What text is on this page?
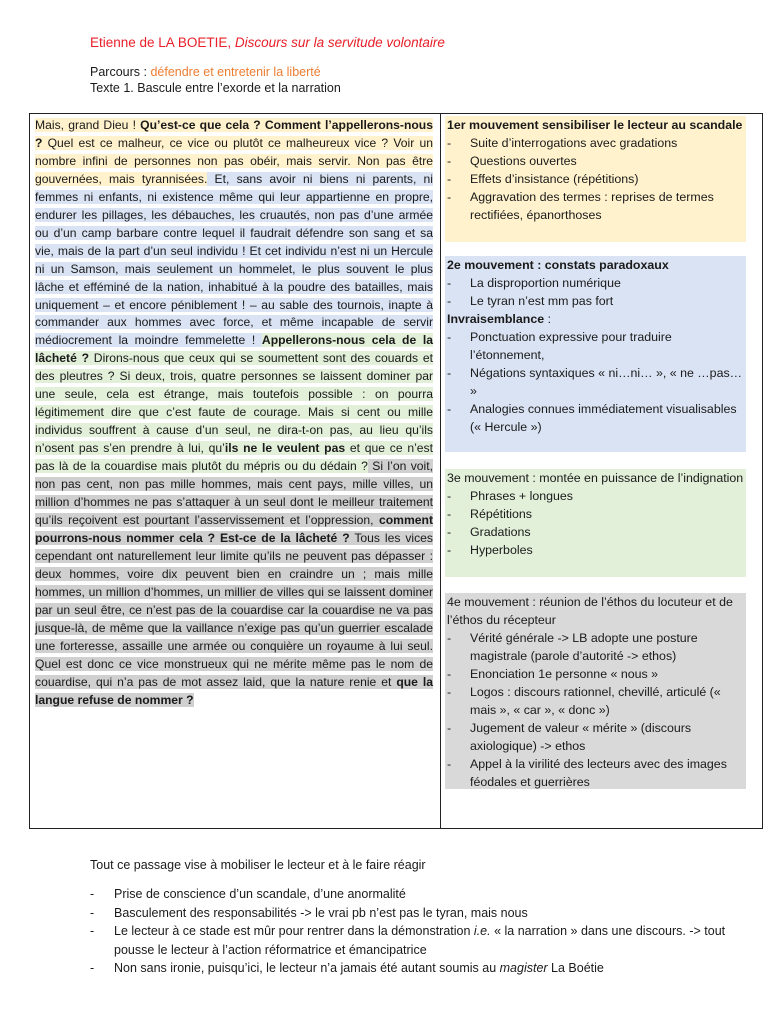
Etienne de LA BOETIE, Discours sur la servitude volontaire
Parcours : défendre et entretenir la liberté
Texte 1. Bascule entre l’exorde et la narration
Mais, grand Dieu ! Qu’est-ce que cela ? Comment l’appellerons-nous ? Quel est ce malheur, ce vice ou plutôt ce malheureux vice ? Voir un nombre infini de personnes non pas obéir, mais servir. Non pas être gouvernées, mais tyrannisées. Et, sans avoir ni biens ni parents, ni femmes ni enfants, ni existence même qui leur appartienne en propre, endurer les pillages, les débauches, les cruautés, non pas d’une armée ou d’un camp barbare contre lequel il faudrait défendre son sang et sa vie, mais de la part d’un seul individu ! Et cet individu n’est ni un Hercule ni un Samson, mais seulement un hommelet, le plus souvent le plus lâche et efféminé de la nation, inhabitué à la poudre des batailles, mais uniquement – et encore péniblement ! – au sable des tournois, inapte à commander aux hommes avec force, et même incapable de servir médiocrement la moindre femmelette ! Appellerons-nous cela de la lâcheté ? Dirons-nous que ceux qui se soumettent sont des couards et des pleutres ? Si deux, trois, quatre personnes se laissent dominer par une seule, cela est étrange, mais toutefois possible : on pourra légitimement dire que c’est faute de courage. Mais si cent ou mille individus souffrent à cause d’un seul, ne dira-t-on pas, au lieu qu’ils n’osent pas s’en prendre à lui, qu’ils ne le veulent pas et que ce n’est pas là de la couardise mais plutôt du mépris ou du dédain ? Si l’on voit, non pas cent, non pas mille hommes, mais cent pays, mille villes, un million d’hommes ne pas s’attaquer à un seul dont le meilleur traitement qu’ils reçoivent est pourtant l’asservissement et l’oppression, comment pourrons-nous nommer cela ? Est-ce de la lâcheté ? Tous les vices cependant ont naturellement leur limite qu’ils ne peuvent pas dépasser : deux hommes, voire dix peuvent bien en craindre un ; mais mille hommes, un million d’hommes, un millier de villes qui se laissent dominer par un seul être, ce n’est pas de la couardise car la couardise ne va pas jusque-là, de même que la vaillance n’exige pas qu’un guerrier escalade une forteresse, assaille une armée ou conquière un royaume à lui seul. Quel est donc ce vice monstrueux qui ne mérite même pas le nom de couardise, qui n’a pas de mot assez laid, que la nature renie et que la langue refuse de nommer ?
1er mouvement sensibiliser le lecteur au scandale
- Suite d’interrogations avec gradations
- Questions ouvertes
- Effets d’insistance (répétitions)
- Aggravation des termes : reprises de termes rectifiées, épanorthoses
2e mouvement : constats paradoxaux
- La disproportion numérique
- Le tyran n’est mm pas fort
Invraisemblance :
- Ponctuation expressive pour traduire l’étonnement,
- Négations syntaxiques « ni…ni… », « ne …pas… »
- Analogies connues immédiatement visualisables (« Hercule »)
3e mouvement : montée en puissance de l’indignation
- Phrases + longues
- Répétitions
- Gradations
- Hyperboles
4e mouvement : réunion de l’éthos du locuteur et de l’éthos du récepteur
- Vérité générale -> LB adopte une posture magistrale (parole d’autorité -> ethos)
- Enonciation 1e personne « nous »
- Logos : discours rationnel, chevillé, articulé (« mais », « car », « donc »)
- Jugement de valeur « mérite » (discours axiologique) -> ethos
- Appel à la virilité des lecteurs avec des images féodales et guerrières
Tout ce passage vise à mobiliser le lecteur et à le faire réagir
- Prise de conscience d’un scandale, d’une anormalité
- Basculement des responsabilités -> le vrai pb n’est pas le tyran, mais nous
- Le lecteur à ce stade est mûr pour rentrer dans la démonstration i.e. « la narration » dans une discours. -> tout pousse le lecteur à l’action réformatrice et émancipatrice
- Non sans ironie, puisqu’ici, le lecteur n’a jamais été autant soumis au magister La Boétie
